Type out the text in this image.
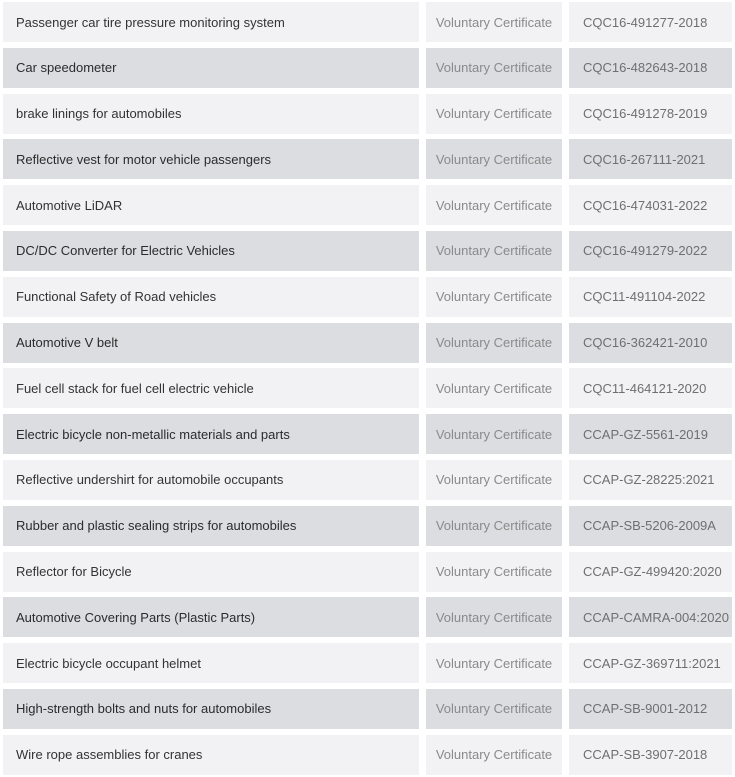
Passenger car tire pressure monitoring system	Voluntary Certificate	CQC16-491277-2018
Car speedometer	Voluntary Certificate	CQC16-482643-2018
brake linings for automobiles	Voluntary Certificate	CQC16-491278-2019
Reflective vest for motor vehicle passengers	Voluntary Certificate	CQC16-267111-2021
Automotive LiDAR	Voluntary Certificate	CQC16-474031-2022
DC/DC Converter for Electric Vehicles	Voluntary Certificate	CQC16-491279-2022
Functional Safety of Road vehicles	Voluntary Certificate	CQC11-491104-2022
Automotive V belt	Voluntary Certificate	CQC16-362421-2010
Fuel cell stack for fuel cell electric vehicle	Voluntary Certificate	CQC11-464121-2020
Electric bicycle non-metallic materials and parts	Voluntary Certificate	CCAP-GZ-5561-2019
Reflective undershirt for automobile occupants	Voluntary Certificate	CCAP-GZ-28225:2021
Rubber and plastic sealing strips for automobiles	Voluntary Certificate	CCAP-SB-5206-2009A
Reflector for Bicycle	Voluntary Certificate	CCAP-GZ-499420:2020
Automotive Covering Parts (Plastic Parts)	Voluntary Certificate	CCAP-CAMRA-004:2020
Electric bicycle occupant helmet	Voluntary Certificate	CCAP-GZ-369711:2021
High-strength bolts and nuts for automobiles	Voluntary Certificate	CCAP-SB-9001-2012
Wire rope assemblies for cranes	Voluntary Certificate	CCAP-SB-3907-2018
